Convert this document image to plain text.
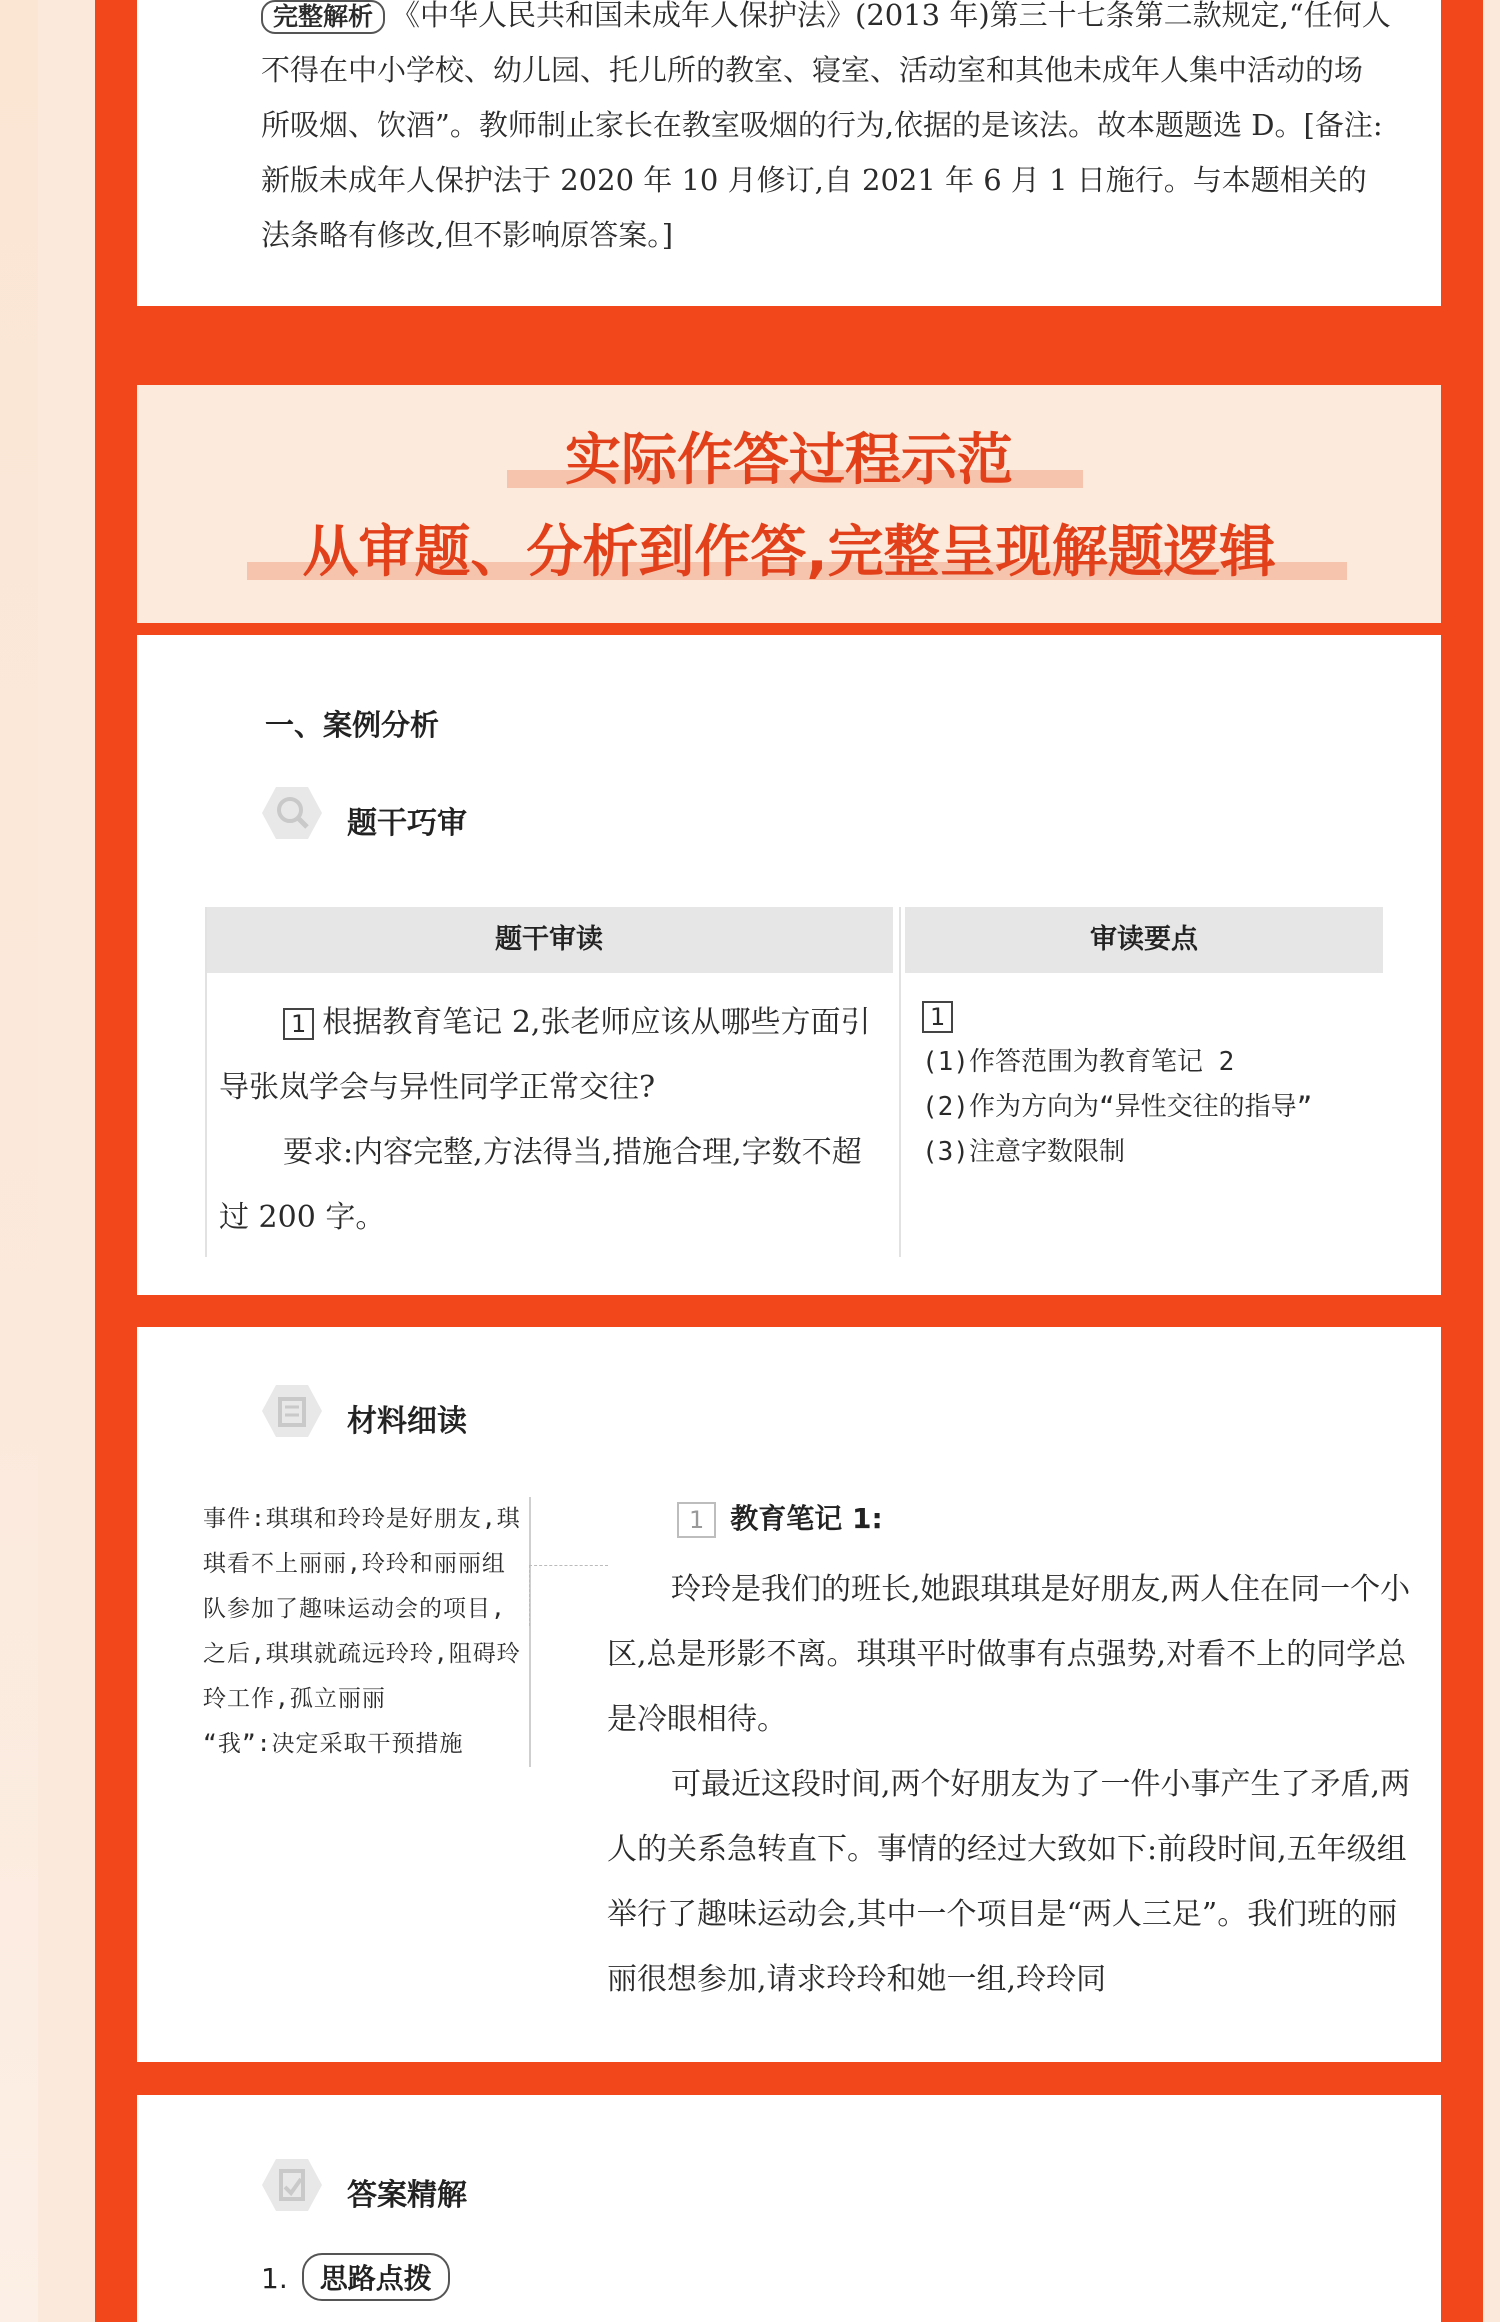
完整解析 《中华人民共和国未成年人保护法》(2013 年)第三十七条第二款规定,“任何人不得在中小学校、幼儿园、托儿所的教室、寝室、活动室和其他未成年人集中活动的场所吸烟、饮酒”。教师制止家长在教室吸烟的行为,依据的是该法。故本题题选 D。[备注:新版未成年人保护法于 2020 年 10 月修订,自 2021 年 6 月 1 日施行。与本题相关的法条略有修改,但不影响原答案。]
实际作答过程示范
从审题、分析到作答,完整呈现解题逻辑
一、案例分析
题干巧审
题干审读	审读要点

1 根据教育笔记 2,张老师应该从哪些方面引导张岚学会与异性同学正常交往?

要求:内容完整,方法得当,措施合理,字数不超过 200 字。

1

(1)作答范围为教育笔记 2

(2)作为方向为“异性交往的指导”

(3)注意字数限制

材料细读
事件:琪琪和玲玲是好朋友,琪琪看不上丽丽,玲玲和丽丽组队参加了趣味运动会的项目,之后,琪琪就疏远玲玲,阻碍玲玲工作,孤立丽丽
“我”:决定采取干预措施
1 教育笔记 1:

玲玲是我们的班长,她跟琪琪是好朋友,两人住在同一个小区,总是形影不离。琪琪平时做事有点强势,对看不上的同学总是冷眼相待。

可最近这段时间,两个好朋友为了一件小事产生了矛盾,两人的关系急转直下。事情的经过大致如下:前段时间,五年级组举行了趣味运动会,其中一个项目是“两人三足”。我们班的丽丽很想参加,请求玲玲和她一组,玲玲同

答案精解
1. 思路点拨
